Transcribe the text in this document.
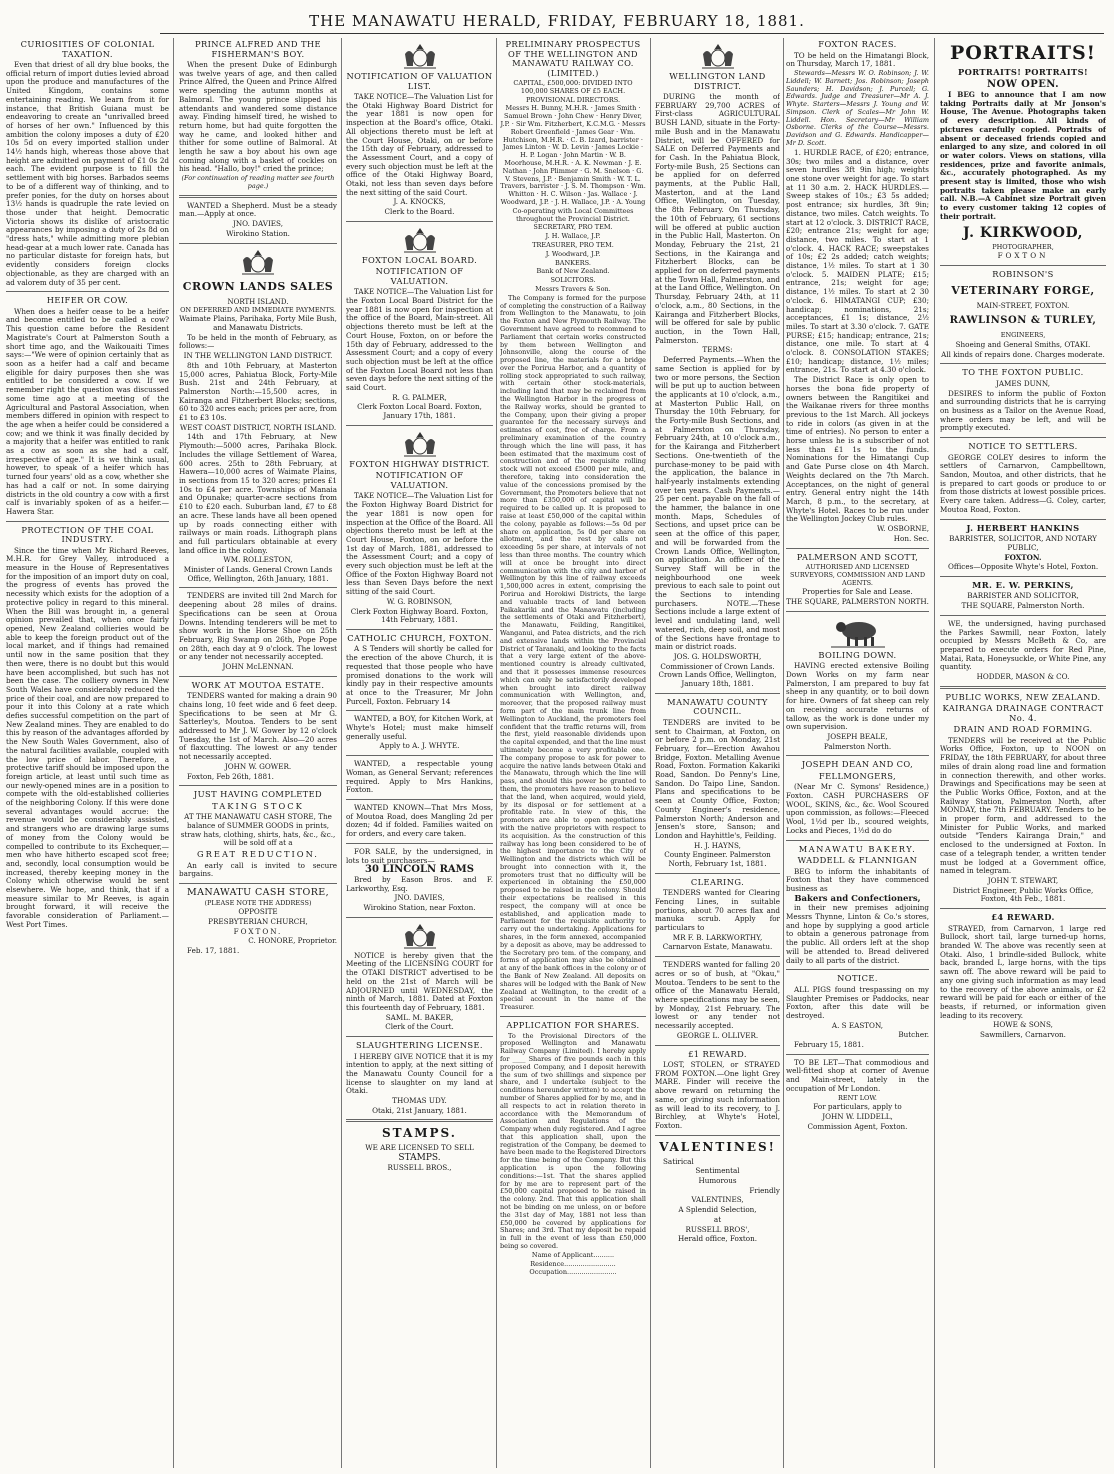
THE MANAWATU HERALD, FRIDAY, FEBRUARY 18, 1881.
CURIOSITIES OF COLONIAL TAXATION.

Even that driest of all dry blue books, the official return of import duties levied abroad upon the produce and manufactures of the United Kingdom, contains some entertaining reading. We learn from it for instance, that British Guiana must be endeavoring to create an "unrivalled breed of horses of her own." Influenced by this ambition the colony imposes a duty of £20 10s 5d on every imported stallion under 14½ hands high, whereas those above that height are admitted on payment of £1 0s 2d each. The evident purpose is to fill the settlement with big horses. Barbados seems to be of a different way of thinking, and to prefer ponies, for the duty on horses about 13½ hands is quadruple the rate levied on those under that height. Democratic Victoria shows its dislike of aristocratic appearances by imposing a duty of 2s 8d on "dress hats," while admitting more plebian head-gear at a much lower rate. Canada has no particular distaste for foreign hats, but evidently considers foreign clocks objectionable, as they are charged with an ad valorem duty of 35 per cent.

HEIFER OR COW.

When does a heifer cease to be a heifer and become entitled to be called a cow? This question came before the Resident Magistrate's Court at Palmerston South a short time ago, and the Waikouaiti Times says:—"We were of opinion certainly that as soon as a heifer had a calf and became eligible for dairy purposes then she was entitled to be considered a cow. If we remember right the question was discussed some time ago at a meeting of the Agricultural and Pastoral Association, when members differed in opinion with respect to the age when a heifer could be considered a cow; and we think it was finally decided by a majority that a heifer was entitled to rank as a cow as soon as she had a calf, irrespective of age." It is we think usual, however, to speak of a heifer which has turned four years' old as a cow, whether she has had a calf or not. In some dairying districts in the old country a cow with a first calf is invariably spoken of as a heifer.—Hawera Star.

PROTECTION OF THE COAL INDUSTRY.

Since the time when Mr Richard Reeves, M.H.R. for Grey Valley, introduced a measure in the House of Representatives for the imposition of an import duty on coal, the progress of events has proved the necessity which exists for the adoption of a protective policy in regard to this mineral. When the Bill was brought in, a general opinion prevailed that, when once fairly opened, New Zealand collieries would be able to keep the foreign product out of the local market, and if things had remained until now in the same position that they then were, there is no doubt but this would have been accomplished, but such has not been the case. The colliery owners in New South Wales have considerably reduced the price of their coal, and are now prepared to pour it into this Colony at a rate which defies successful competition on the part of New Zealand mines. They are enabled to do this by reason of the advantages afforded by the New South Wales Government, also of the natural facilities available, coupled with the low price of labor. Therefore, a protective tariff should be imposed upon the foreign article, at least until such time as our newly-opened mines are in a position to compete with the old-established collieries of the neighboring Colony. If this were done several advantages would accrue: the revenue would be considerably assisted, and strangers who are drawing large sums of money from the Colony would be compelled to contribute to its Exchequer,—men who have hitherto escaped scot free; and, secondly, local consumption would be increased, thereby keeping money in the Colony which otherwise would be sent elsewhere. We hope, and think, that if a measure similar to Mr Reeves, is again brought forward, it will receive the favorable consideration of Parliament.—West Port Times.

PRINCE ALFRED AND THE FISHERMAN'S BOY.

When the present Duke of Edinburgh was twelve years of age, and then called Prince Alfred, the Queen and Prince Alfred were spending the autumn months at Balmoral. The young prince slipped his attendants and wandered some distance away. Finding himself tired, he wished to return home, but had quite forgotten the way he came, and looked hither and thither for some outline of Balmoral. At length he saw a boy about his own age coming along with a basket of cockles on his head. "Hallo, boy!" cried the prince;

(For continuation of reading matter see fourth page.)

WANTED a Shepherd. Must be a steady man.—Apply at once.

JNO. DAVIES,

Wirokino Station.

CROWN LANDS SALES
NORTH ISLAND.
ON DEFERRED AND IMMEDIATE PAYMENTS.

Waimate Plains, Parihaka, Forty Mile Bush, and Manawatu Districts.

To be held in the month of February, as follows:—

IN THE WELLINGTON LAND DISTRICT.

8th and 10th February, at Masterton 15,000 acres, Pahiatua Block, Forty-Mile Bush. 21st and 24th February, at Palmerston North:—15,500 acres, in Kairanga and Fitzherbert Blocks; sections, 60 to 320 acres each; prices per acre, from £1 to £3 10s.

WEST COAST DISTRICT, NORTH ISLAND.

14th and 17th February, at New Plymouth:—5000 acres, Parihaka Block. Includes the village Settlement of Warea, 600 acres. 25th to 28th February, at Hawera—10,000 acres of Waimate Plains, in sections from 15 to 320 acres; prices £1 10s to £4 per acre. Townships of Manaia and Opunake; quarter-acre sections from £10 to £20 each. Suburban land, £7 to £8 an acre. These lands have all been opened up by roads connecting either with railways or main roads. Lithograph plans and full particulars obtainable at every land office in the colony.

WM. ROLLESTON,

Minister of Lands. General Crown Lands Office, Wellington, 26th January, 1881.

TENDERS are invited till 2nd March for deepening about 28 miles of drains. Specifications can be seen at Oroua Downs. Intending tenderers will be met to show work in the Horse Shoe on 25th February, Big Swamp on 26th, Pope Pope on 28th, each day at 9 o'clock. The lowest or any tender not necessarily accepted.

JOHN McLENNAN.

WORK AT MOUTOA ESTATE.

TENDERS wanted for making a drain 90 chains long, 10 feet wide and 6 feet deep. Specifications to be seen at Mr G. Satterley's, Moutoa. Tenders to be sent addressed to Mr J. W. Gower by 12 o'clock Tuesday, the 1st of March. Also—20 acres of flaxcutting. The lowest or any tender not necessarily accepted.

JOHN W. GOWER.

Foxton, Feb 26th, 1881.

JUST HAVING COMPLETED
TAKING STOCK

AT THE MANAWATU CASH STORE, The balance of SUMMER GOODS in prints, straw hats, clothing, shirts, hats, &c., &c., will be sold off at a

GREAT REDUCTION.

An early call is invited to secure bargains.

MANAWATU CASH STORE,
(PLEASE NOTE THE ADDRESS)

OPPOSITE

PRESBYTERIAN CHURCH,

FOXTON.

C. HONORE, Proprietor.

Feb. 17, 1881.

NOTIFICATION OF VALUATION LIST.

TAKE NOTICE—The Valuation List for the Otaki Highway Board District for the year 1881 is now open for inspection at the Board's office, Otaki. All objections thereto must be left at the Court House, Otaki, on or before the 15th day of February, addressed to the Assessment Court, and a copy of every such objection must be left at the office of the Otaki Highway Board, Otaki, not less than seven days before the next sitting of the said Court.

J. A. KNOCKS,

Clerk to the Board.

FOXTON LOCAL BOARD.
NOTIFICATION OF VALUATION.

TAKE NOTICE—The Valuation List for the Foxton Local Board District for the year 1881 is now open for inspection at the office of the Board, Main-street. All objections thereto must be left at the Court House, Foxton, on or before the 15th day of February, addressed to the Assessment Court; and a copy of every such objection must be left at the office of the Foxton Local Board not less than seven days before the next sitting of the said Court.

R. G. PALMER,

Clerk Foxton Local Board. Foxton, January 17th, 1881.

FOXTON HIGHWAY DISTRICT.
NOTIFICATION OF VALUATION.

TAKE NOTICE—The Valuation List for the Foxton Highway Board District for the year 1881 is now open for inspection at the Office of the Board. All objections thereto must be left at the Court House, Foxton, on or before the 1st day of March, 1881, addressed to the Assessment Court; and a copy of every such objection must be left at the Office of the Foxton Highway Board not less than Seven Days before the next sitting of the said Court.

W. G. ROBINSON,

Clerk Foxton Highway Board. Foxton, 14th February, 1881.

CATHOLIC CHURCH, FOXTON.

A S Tenders will shortly be called for the erection of the above Church, it is requested that those people who have promised donations to the work will kindly pay in their respective amounts at once to the Treasurer, Mr John Purcell, Foxton. February 14

WANTED, a BOY, for Kitchen Work, at Whyte's Hotel; must make himself generally useful.

Apply to A. J. WHYTE.

WANTED, a respectable young Woman, as General Servant; references required. Apply to Mrs Hankins, Foxton.

WANTED KNOWN—That Mrs Moss, of Moutoa Road, does Mangling 2d per dozen; 4d if folded. Families waited on for orders, and every care taken.

FOR SALE, by the undersigned, in lots to suit purchasers—

30 LINCOLN RAMS

Bred by Eason Bros. and F. Larkworthy, Esq.

JNO. DAVIES,

Wirokino Station, near Foxton.

NOTICE is hereby given that the Meeting of the LICENSING COURT for the OTAKI DISTRICT advertised to be held on the 21st of March will be ADJOURNED until WEDNESDAY, the ninth of March, 1881. Dated at Foxton this fourteenth day of February, 1881.

SAML. M. BAKER,

Clerk of the Court.

SLAUGHTERING LICENSE.

I HEREBY GIVE NOTICE that it is my intention to apply, at the next sitting of the Manawatu County Council for a license to slaughter on my land at Otaki.

THOMAS UDY.

Otaki, 21st January, 1881.

STAMPS.

WE ARE LICENSED TO SELL

STAMPS.

RUSSELL BROS.,

PRELIMINARY PROSPECTUS OF THE WELLINGTON AND MANAWATU RAILWAY CO. (LIMITED.)

CAPITAL, £500,000: DIVIDED INTO 100,000 SHARES OF £5 EACH.

PROVISIONAL DIRECTORS.

Messrs H. Bunny, M.H.R. · James Smith · Samuel Brown · John Chew · Henry Diver, J.P. · Sir Wm. Fitzherbert, K.C.M.G. · Messrs Robert Greenfield · James Gear · Wm. Hutchison, M.H.R. · C. B. Izard, barrister · James Linton · W. D. Levin · James Lockie · H. P. Logan · John Martin · W. B. Moorhouse, M.H.R. · A. K. Newman · J. E. Nathan · John Plimmer · G. M. Snelson · G. V. Stevens, J.P. · Benjamin Smith · W. T. L. Travers, barrister · J. S. M. Thompson · Wm. Whitton · H. C. Wilson · Jas. Wallace · J. Woodward, J.P. · J. H. Wallace, J.P. · A. Young

Co-operating with Local Committees throughout the Provincial District.

SECRETARY, PRO TEM.

J. H. Wallace, J.P.

TREASURER, PRO TEM.

J. Woodward, J.P.

BANKERS.

Bank of New Zealand.

SOLICITORS.

Messrs Travers & Son.

The Company is formed for the purpose of completing the construction of a Railway from Wellington to the Manawatu, to join the Foxton and New Plymouth Railway. The Government have agreed to recommend to Parliament that certain works constructed by them between Wellington and Johnsonville, along the course of the proposed line, the materials for a bridge over the Porirua Harbor, and a quantity of rolling stock appropriated to such railway, with certain other stock-materials, including land that may be reclaimed from the Wellington Harbor in the progress of the Railway works, should be granted to the Company, upon their giving a proper guarantee for the necessary surveys and estimates of cost, free of charge. From a preliminary examination of the country through which the line will pass, it has been estimated that the maximum cost of construction and of the requisite rolling stock will not exceed £5000 per mile, and, therefore, taking into consideration the value of the concessions promised by the Government, the Promoters believe that not more than £350,000 of capital will be required to be called up. It is proposed to raise at least £50,000 of the capital within the colony, payable as follows:—5s 0d per share on application, 5s 0d per share on allotment, and the rest by calls not exceeding 5s per share, at intervals of not less than three months. The country which will at once be brought into direct communication with the city and harbor of Wellington by this line of railway exceeds 1,500,000 acres in extent, comprising the Porirua and Horokiwi Districts, the large and valuable tracts of land between Paikakariki and the Manawatu (including the settlements of Otaki and Fitzherbert), the Manawatu, Feilding, Rangitikei, Wanganui, and Patea districts, and the rich and extensive lands within the Provincial District of Taranaki, and looking to the facts that a very large extent of the above-mentioned country is already cultivated, and that it possesses immense resources which can only be satisfactorily developed when brought into direct railway communication with Wellington, and, moreover, that the proposed railway must form part of the main trunk line from Wellington to Auckland, the promoters feel confident that the traffic returns will, from the first, yield reasonable dividends upon the capital expended, and that the line must ultimately become a very profitable one. The company propose to ask for power to acquire the native lands between Otaki and the Manawatu, through which the line will pass, and should this power be granted to them, the promoters have reason to believe that the land, when acquired, would yield, by its disposal or for settlement at a profitable rate. In view of this, the promoters are able to open negotiations with the native proprietors with respect to its acquisition. As the construction of this railway has long been considered to be of the highest importance to the City of Wellington and the districts which will be brought into connection with it, the promoters trust that no difficulty will be experienced in obtaining the £50,000 proposed to be raised in the colony. Should their expectations be realised in this respect, the company will at once be established, and application made to Parliament for the requisite authority to carry out the undertaking. Applications for shares, in the form annexed, accompanied by a deposit as above, may be addressed to the Secretary pro tem. of the company, and forms of application may also be obtained at any of the bank offices in the colony or of the Bank of New Zealand. All deposits on shares will be lodged with the Bank of New Zealand at Wellington, to the credit of a special account in the name of the Treasurer.

APPLICATION FOR SHARES.

To the Provisional Directors of the proposed Wellington and Manawatu Railway Company (Limited). I hereby apply for ____ Shares of five pounds each in this proposed Company, and I deposit herewith the sum of two shillings and sixpence per share, and I undertake (subject to the conditions hereunder written) to accept the number of Shares applied for by me, and in all respects to act in relation thereto in accordance with the Memorandum of Association and Regulations of the Company when duly registered. And I agree that this application shall, upon the registration of the Company, be deemed to have been made to the Registered Directors for the time being of the Company. But this application is upon the following conditions:—1st. That the shares applied for by me are to represent part of the £50,000 capital proposed to be raised in the colony. 2nd. That this application shall not be binding on me unless, on or before the 31st day of May, 1881 not less than £50,000 be covered by applications for Shares; and 3rd. That my deposit be repaid in full in the event of less than £50,000 being so covered.

Name of Applicant..........

Residence.........................

Occupation........................

WELLINGTON LAND DISTRICT.

DURING the month of FEBRUARY 29,700 ACRES of First-class AGRICULTURAL BUSH LAND, situate in the Forty-mile Bush and in the Manawatu District, will be OFFERED for SALE on Deferred Payments and for Cash. In the Pahiatua Block, Forty-mile Bush, 25 Sections can be applied for on deferred payments, at the Public Hall, Masterton, and at the Land Office, Wellington, on Tuesday, the 8th February. On Thursday, the 10th of February, 61 sections will be offered at public auction in the Public Hall, Masterton. On Monday, February the 21st, 21 Sections, in the Kairanga and Fitzherbert Blocks, can be applied for on deferred payments at the Town Hall, Palmerston, and at the Land Office, Wellington. On Thursday, February 24th, at 11 o'clock, a.m., 80 Sections, in the Kairanga and Fitzherbert Blocks, will be offered for sale by public auction, in the Town Hall, Palmerston.

TERMS:

Deferred Payments.—When the same Section is applied for by two or more persons, the Section will be put up to auction between the applicants at 10 o'clock, a.m., at Masterton Public Hall, on Thursday the 10th February, for the Forty-mile Bush Sections, and at Palmerston on Thursday, February 24th, at 10 o'clock a.m., for the Kairanga and Fitzherbert Sections. One-twentieth of the purchase-money to be paid with the application, the balance in half-yearly instalments extending over ten years. Cash Payments.—25 per cent. payable on the fall of the hammer, the balance in one month. Maps, Schedules of Sections, and upset price can be seen at the office of this paper, and will be forwarded from the Crown Lands Office, Wellington, on application. An officer of the Survey Staff will be in the neighbourhood one week previous to each sale to point out the Sections to intending purchasers. NOTE.—These Sections include a large extent of level and undulating land, well watered, rich, deep soil, and most of the Sections have frontage to main or district roads.

JOS. G. HOLDSWORTH,

Commissioner of Crown Lands. Crown Lands Office, Wellington, January 18th, 1881.

MANAWATU COUNTY COUNCIL.

TENDERS are invited to be sent to Chairman, at Foxton, on or before 2 p.m. on Monday, 21st February, for—Erection Awahou Bridge, Foxton. Metalling Avenue Road, Foxton. Formation Kakariki Road, Sandon. Do Penny's Line, Sandon. Do Taipo Line, Sandon. Plans and specifications to be seen at County Office, Foxton; County Engineer's residence, Palmerston North; Anderson and Jensen's store, Sanson; and London and Hayhittle's, Feilding.

H. J. HAYNS,

County Engineer. Palmerston North, February 1st, 1881.

CLEARING.

TENDERS wanted for Clearing Fencing Lines, in suitable portions, about 70 acres flax and manuka scrub. Apply for particulars to

MR F. B. LARKWORTHY,

Carnarvon Estate, Manawatu.

TENDERS wanted for falling 20 acres or so of bush, at "Okau," Moutoa. Tenders to be sent to the office of the Manawatu Herald, where specifications may be seen, by Monday, 21st February. The lowest or any tender not necessarily accepted.

GEORGE L. OLLIVER.

£1 REWARD.

LOST, STOLEN, or STRAYED FROM FOXTON.—One light Grey MARE. Finder will receive the above reward on returning the same, or giving such information as will lead to its recovery, to J. Birchley, at Whyte's Hotel, Foxton.

VALENTINES!

Satirical

Sentimental

Humorous

Friendly

VALENTINES,

A Splendid Selection,

at

RUSSELL BROS',

Herald office, Foxton.

FOXTON RACES.

TO be held on the Himatangi Block, on Thursday, March 17, 1881.

Stewards—Messrs W. O. Robinson; J. W. Liddell; W. Barnett; Jos. Robinson; Joseph Saunders; H. Davidson; J. Purcell; G. Edwards. Judge and Treasurer—Mr A. J. Whyte. Starters—Messrs J. Young and W. Simpson. Clerk of Scales—Mr John W. Liddell. Hon. Secretary—Mr William Osborne. Clerks of the Course—Messrs. Davidson and G. Edwards. Handicapper—Mr D. Scott.

1. HURDLE RACE, of £20; entrance, 30s; two miles and a distance, over seven hurdles 3ft 9in high; weights one stone over weight for age. To start at 11 30 a.m. 2. HACK HURDLES.—Sweep stakes of 10s.; £3 5s added; post entrance; six hurdles, 3ft 9in; distance, two miles. Catch weights. To start at 12 o'clock. 3. DISTRICT RACE, £20; entrance 21s; weight for age; distance, two miles. To start at 1 o'clock. 4. HACK RACE; sweepstakes of 10s; £2 2s added; catch weights; distance, 1½ miles. To start at 1 30 o'clock. 5. MAIDEN PLATE; £15; entrance, 21s; weight for age; distance, 1½ miles. To start at 2 30 o'clock. 6. HIMATANGI CUP; £30; handicap; nominations, 21s; acceptances, £1 1s; distance, 2½ miles. To start at 3.30 o'clock. 7. GATE PURSE; £15; handicap; entrance, 21s; distance, one mile. To start at 4 o'clock. 8. CONSOLATION STAKES; £10; handicap; distance, 1½ miles; entrance, 21s. To start at 4.30 o'clock.

The District Race is only open to horses the bona fide property of owners between the Rangitikei and the Waikanae rivers for three months previous to the 1st March. All jockeys to ride in colors (as given in at the time of entries). No person to enter a horse unless he is a subscriber of not less than £1 1s to the funds. Nominations for the Himatangi Cup and Gate Purse close on 4th March. Weights declared on the 7th March. Acceptances, on the night of general entry. General entry night the 14th March, 8 p.m., to the secretary, at Whyte's Hotel. Races to be run under the Wellington Jockey Club rules.

W. OSBORNE,

Hon. Sec.

PALMERSON AND SCOTT,

AUTHORISED AND LICENSED SURVEYORS, COMMISSION AND LAND AGENTS.

Properties for Sale and Lease.

THE SQUARE, PALMERSTON NORTH.

BOILING DOWN.

HAVING erected extensive Boiling Down Works on my farm near Palmerston, I am prepared to buy fat sheep in any quantity, or to boil down for hire. Owners of fat sheep can rely on receiving accurate returns of tallow, as the work is done under my own supervision.

JOSEPH BEALE,

Palmerston North.

JOSEPH DEAN AND CO,
FELLMONGERS,

(Near Mr C. Symons' Residence,) Foxton. CASH PURCHASERS OF WOOL, SKINS, &c., &c. Wool Scoured upon commission, as follows:—Fleeced Wool, 1½d per lb., scoured weights, Locks and Pieces, 1½d do do

MANAWATU BAKERY.
WADDELL & FLANNIGAN

BEG to inform the inhabitants of Foxton that they have commenced business as

Bakers and Confectioners,

in their new premises adjoining Messrs Thynne, Linton & Co.'s stores, and hope by supplying a good article to obtain a generous patronage from the public. All orders left at the shop will be attended to. Bread delivered daily to all parts of the district.

NOTICE.

ALL PIGS found trespassing on my Slaughter Premises or Paddocks, near Foxton, after this date will be destroyed.

A. S EASTON,

Butcher.

February 15, 1881.

TO BE LET—That commodious and well-fitted shop at corner of Avenue and Main-street, lately in the occupation of Mr London.

RENT LOW.

For particulars, apply to

JOHN W. LIDDELL,

Commission Agent, Foxton.

PORTRAITS!
PORTRAITS! PORTRAITS!
NOW OPEN.

I BEG to announce that I am now taking Portraits daily at Mr Jonson's House, The Avenue. Photographs taken of every description. All kinds of pictures carefully copied. Portraits of absent or deceased friends copied and enlarged to any size, and colored in oil or water colors. Views on stations, villa residences, prize and favorite animals, &c., accurately photographed. As my present stay is limited, those who wish portraits taken please make an early call. N.B.—A Cabinet size Portrait given to every customer taking 12 copies of their portrait.

J. KIRKWOOD,

PHOTOGRAPHER,

FOXTON

ROBINSON'S
VETERINARY FORGE,

MAIN-STREET, FOXTON.

RAWLINSON & TURLEY,

ENGINEERS,

Shoeing and General Smiths, OTAKI.

All kinds of repairs done. Charges moderate.

TO THE FOXTON PUBLIC.

JAMES DUNN,

DESIRES to inform the public of Foxton and surrounding districts that he is carrying on business as a Tailor on the Avenue Road, where orders may be left, and will be promptly executed.

NOTICE TO SETTLERS.

GEORGE COLEY desires to inform the settlers of Carnarvon, Campbelltown, Sandon, Moutoa, and other districts, that he is prepared to cart goods or produce to or from those districts at lowest possible prices. Every care taken. Address—G. Coley, carter, Moutoa Road, Foxton.

J. HERBERT HANKINS

BARRISTER, SOLICITOR, AND NOTARY PUBLIC,

FOXTON.

Offices—Opposite Whyte's Hotel, Foxton.

MR. E. W. PERKINS,

BARRISTER AND SOLICITOR,

THE SQUARE, Palmerston North.

WE, the undersigned, having purchased the Parkes Sawmill, near Foxton, lately occupied by Messrs McBeth & Co, are prepared to execute orders for Red Pine, Matai, Rata, Honeysuckle, or White Pine, any quantity.

HODDER, MASON & CO.

PUBLIC WORKS, NEW ZEALAND.
KAIRANGA DRAINAGE CONTRACT No. 4.
DRAIN AND ROAD FORMING.

TENDERS will be received at the Public Works Office, Foxton, up to NOON on FRIDAY, the 18th FEBRUARY, for about three miles of drain along road line and formation in connection therewith, and other works. Drawings and Specifications may be seen at the Public Works Office, Foxton, and at the Railway Station, Palmerston North, after MONDAY, the 7th FEBRUARY. Tenders to be in proper form, and addressed to the Minister for Public Works, and marked outside "Tenders Kairanga Drain," and enclosed to the undersigned at Foxton. In case of a telegraph tender, a written tender must be lodged at a Government office, named in telegram.

JOHN T. STEWART,

District Engineer, Public Works Office, Foxton, 4th Feb., 1881.

£4 REWARD.

STRAYED, from Carnarvon, 1 large red Bullock, short tail, large turned-up horns, branded W. The above was recently seen at Otaki. Also, 1 brindle-sided Bullock, white back, branded L, large horns, with the tips sawn off. The above reward will be paid to any one giving such information as may lead to the recovery of the above animals, or £2 reward will be paid for each or either of the beasts, if returned, or information given leading to its recovery.

HOWE & SONS,

Sawmillers, Carnarvon.
